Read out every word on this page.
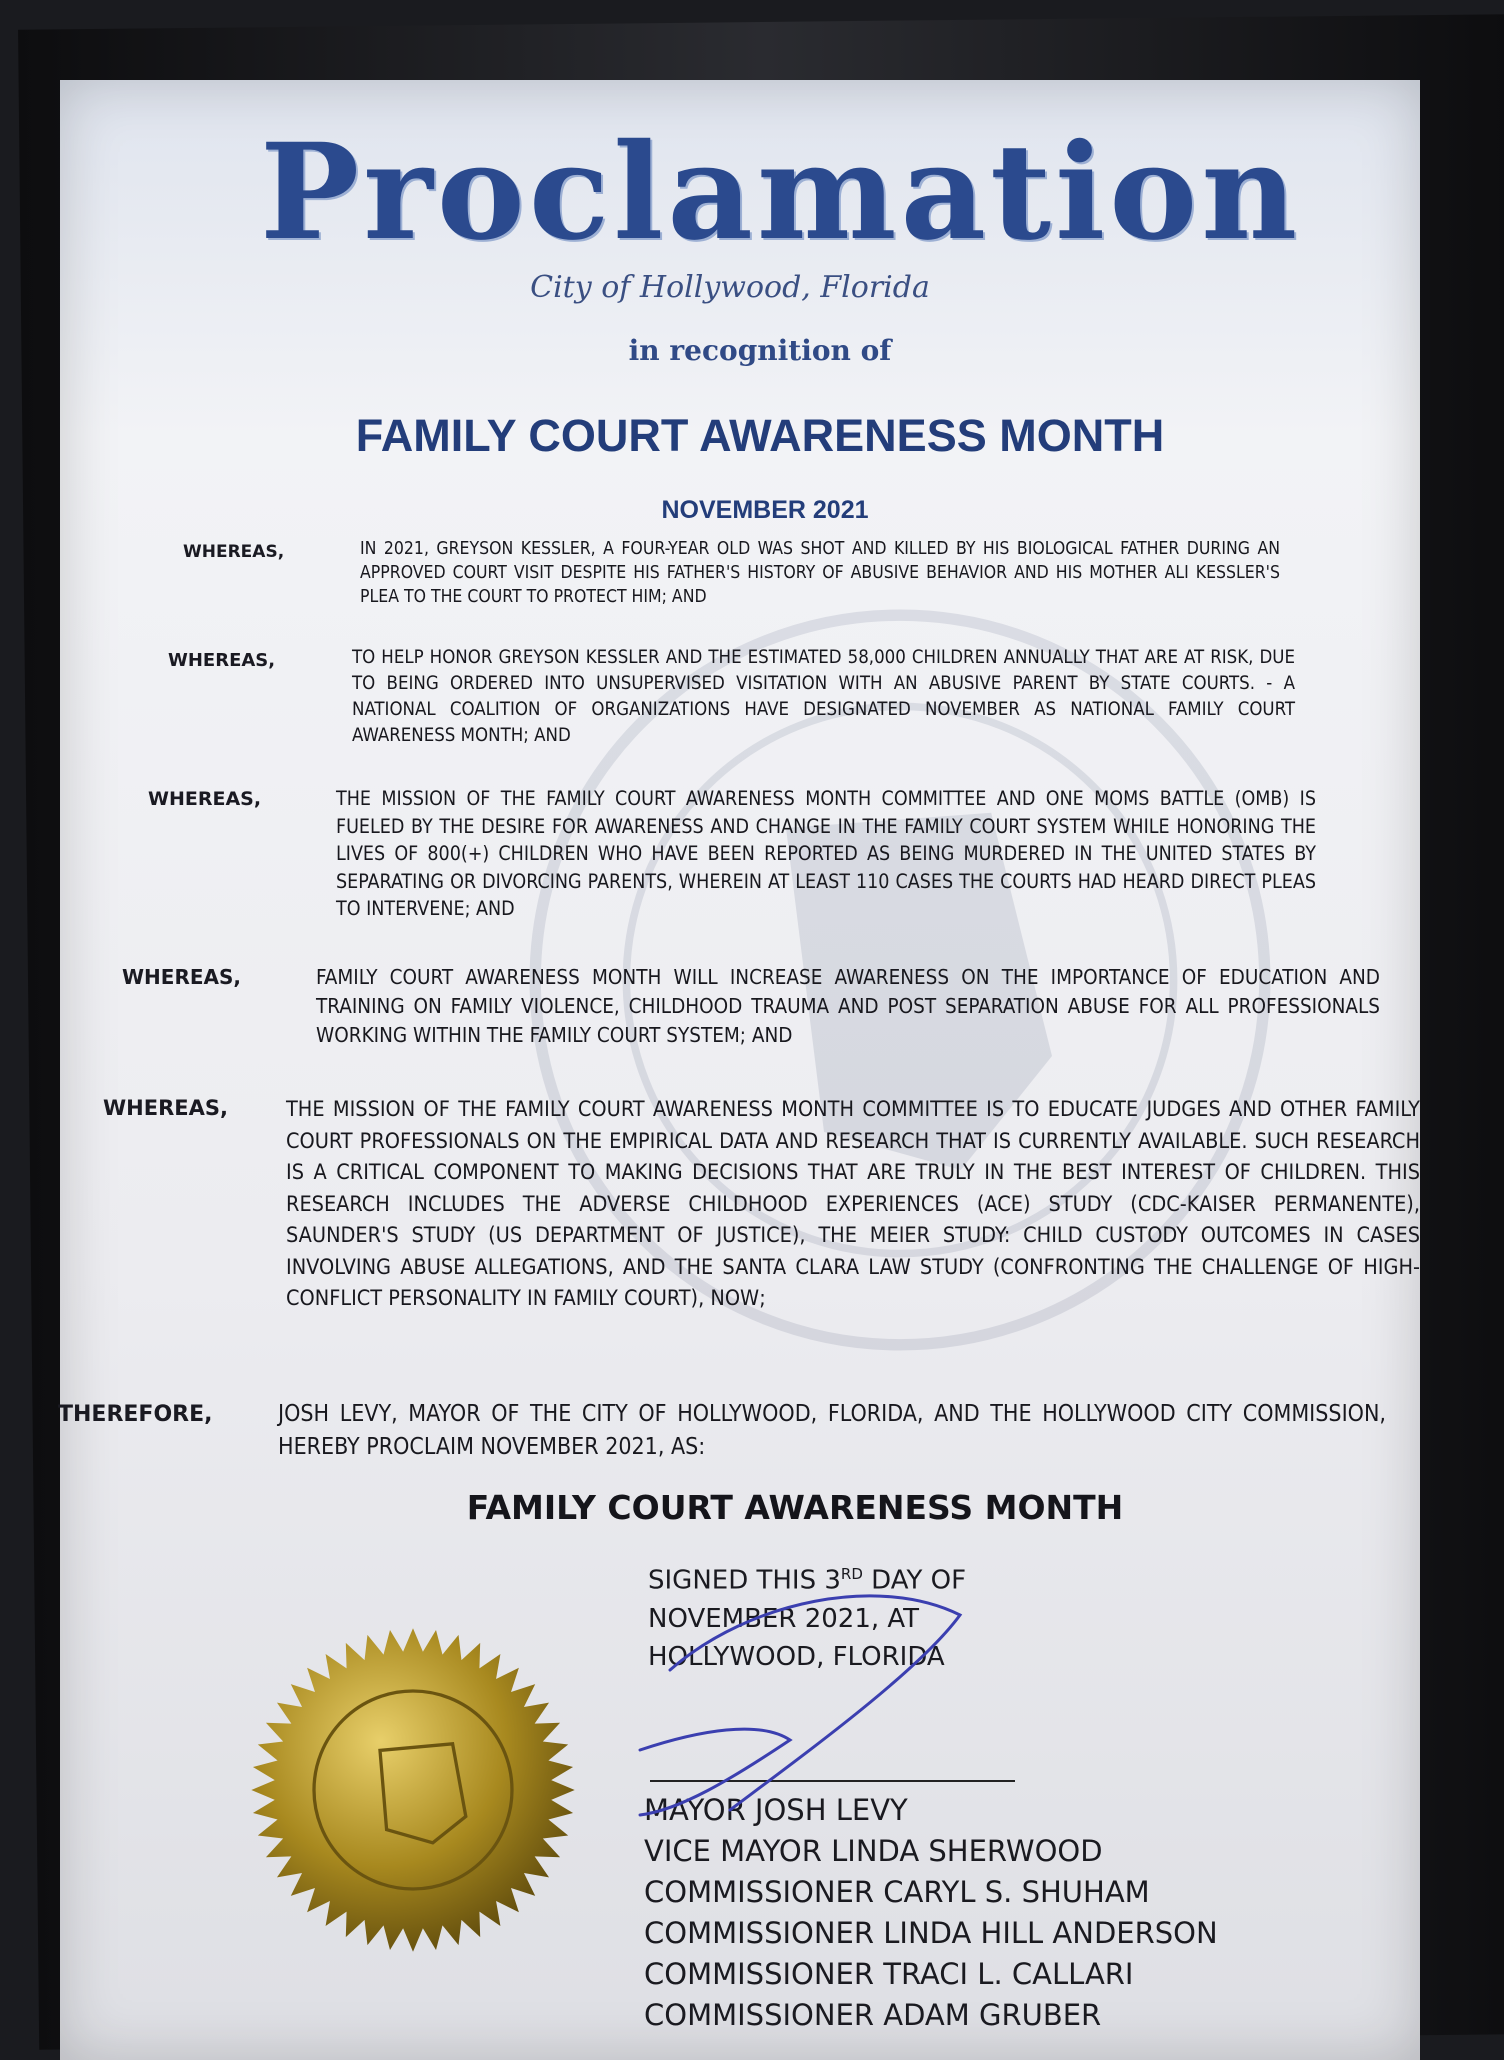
Proclamation
City of Hollywood, Florida
in recognition of
FAMILY COURT AWARENESS MONTH
NOVEMBER 2021
WHEREAS,	IN 2021, GREYSON KESSLER, A FOUR-YEAR OLD WAS SHOT AND KILLED BY HIS BIOLOGICAL FATHER DURING AN APPROVED COURT VISIT DESPITE HIS FATHER'S HISTORY OF ABUSIVE BEHAVIOR AND HIS MOTHER ALI KESSLER'S PLEA TO THE COURT TO PROTECT HIM; AND
WHEREAS,	TO HELP HONOR GREYSON KESSLER AND THE ESTIMATED 58,000 CHILDREN ANNUALLY THAT ARE AT RISK, DUE TO BEING ORDERED INTO UNSUPERVISED VISITATION WITH AN ABUSIVE PARENT BY STATE COURTS. - A NATIONAL COALITION OF ORGANIZATIONS HAVE DESIGNATED NOVEMBER AS NATIONAL FAMILY COURT AWARENESS MONTH; AND
WHEREAS,	THE MISSION OF THE FAMILY COURT AWARENESS MONTH COMMITTEE AND ONE MOMS BATTLE (OMB) IS FUELED BY THE DESIRE FOR AWARENESS AND CHANGE IN THE FAMILY COURT SYSTEM WHILE HONORING THE LIVES OF 800(+) CHILDREN WHO HAVE BEEN REPORTED AS BEING MURDERED IN THE UNITED STATES BY SEPARATING OR DIVORCING PARENTS, WHEREIN AT LEAST 110 CASES THE COURTS HAD HEARD DIRECT PLEAS TO INTERVENE; AND
WHEREAS,	FAMILY COURT AWARENESS MONTH WILL INCREASE AWARENESS ON THE IMPORTANCE OF EDUCATION AND TRAINING ON FAMILY VIOLENCE, CHILDHOOD TRAUMA AND POST SEPARATION ABUSE FOR ALL PROFESSIONALS WORKING WITHIN THE FAMILY COURT SYSTEM; AND
WHEREAS,	THE MISSION OF THE FAMILY COURT AWARENESS MONTH COMMITTEE IS TO EDUCATE JUDGES AND OTHER FAMILY COURT PROFESSIONALS ON THE EMPIRICAL DATA AND RESEARCH THAT IS CURRENTLY AVAILABLE. SUCH RESEARCH IS A CRITICAL COMPONENT TO MAKING DECISIONS THAT ARE TRULY IN THE BEST INTEREST OF CHILDREN. THIS RESEARCH INCLUDES THE ADVERSE CHILDHOOD EXPERIENCES (ACE) STUDY (CDC-KAISER PERMANENTE), SAUNDER'S STUDY (US DEPARTMENT OF JUSTICE), THE MEIER STUDY: CHILD CUSTODY OUTCOMES IN CASES INVOLVING ABUSE ALLEGATIONS, AND THE SANTA CLARA LAW STUDY (CONFRONTING THE CHALLENGE OF HIGH-CONFLICT PERSONALITY IN FAMILY COURT), NOW;
THEREFORE,	JOSH LEVY, MAYOR OF THE CITY OF HOLLYWOOD, FLORIDA, AND THE HOLLYWOOD CITY COMMISSION, HEREBY PROCLAIM NOVEMBER 2021, AS:
FAMILY COURT AWARENESS MONTH
SIGNED THIS 3RD DAY OF
NOVEMBER 2021, AT
HOLLYWOOD, FLORIDA
MAYOR JOSH LEVY
VICE MAYOR LINDA SHERWOOD
COMMISSIONER CARYL S. SHUHAM
COMMISSIONER LINDA HILL ANDERSON
COMMISSIONER TRACI L. CALLARI
COMMISSIONER ADAM GRUBER
